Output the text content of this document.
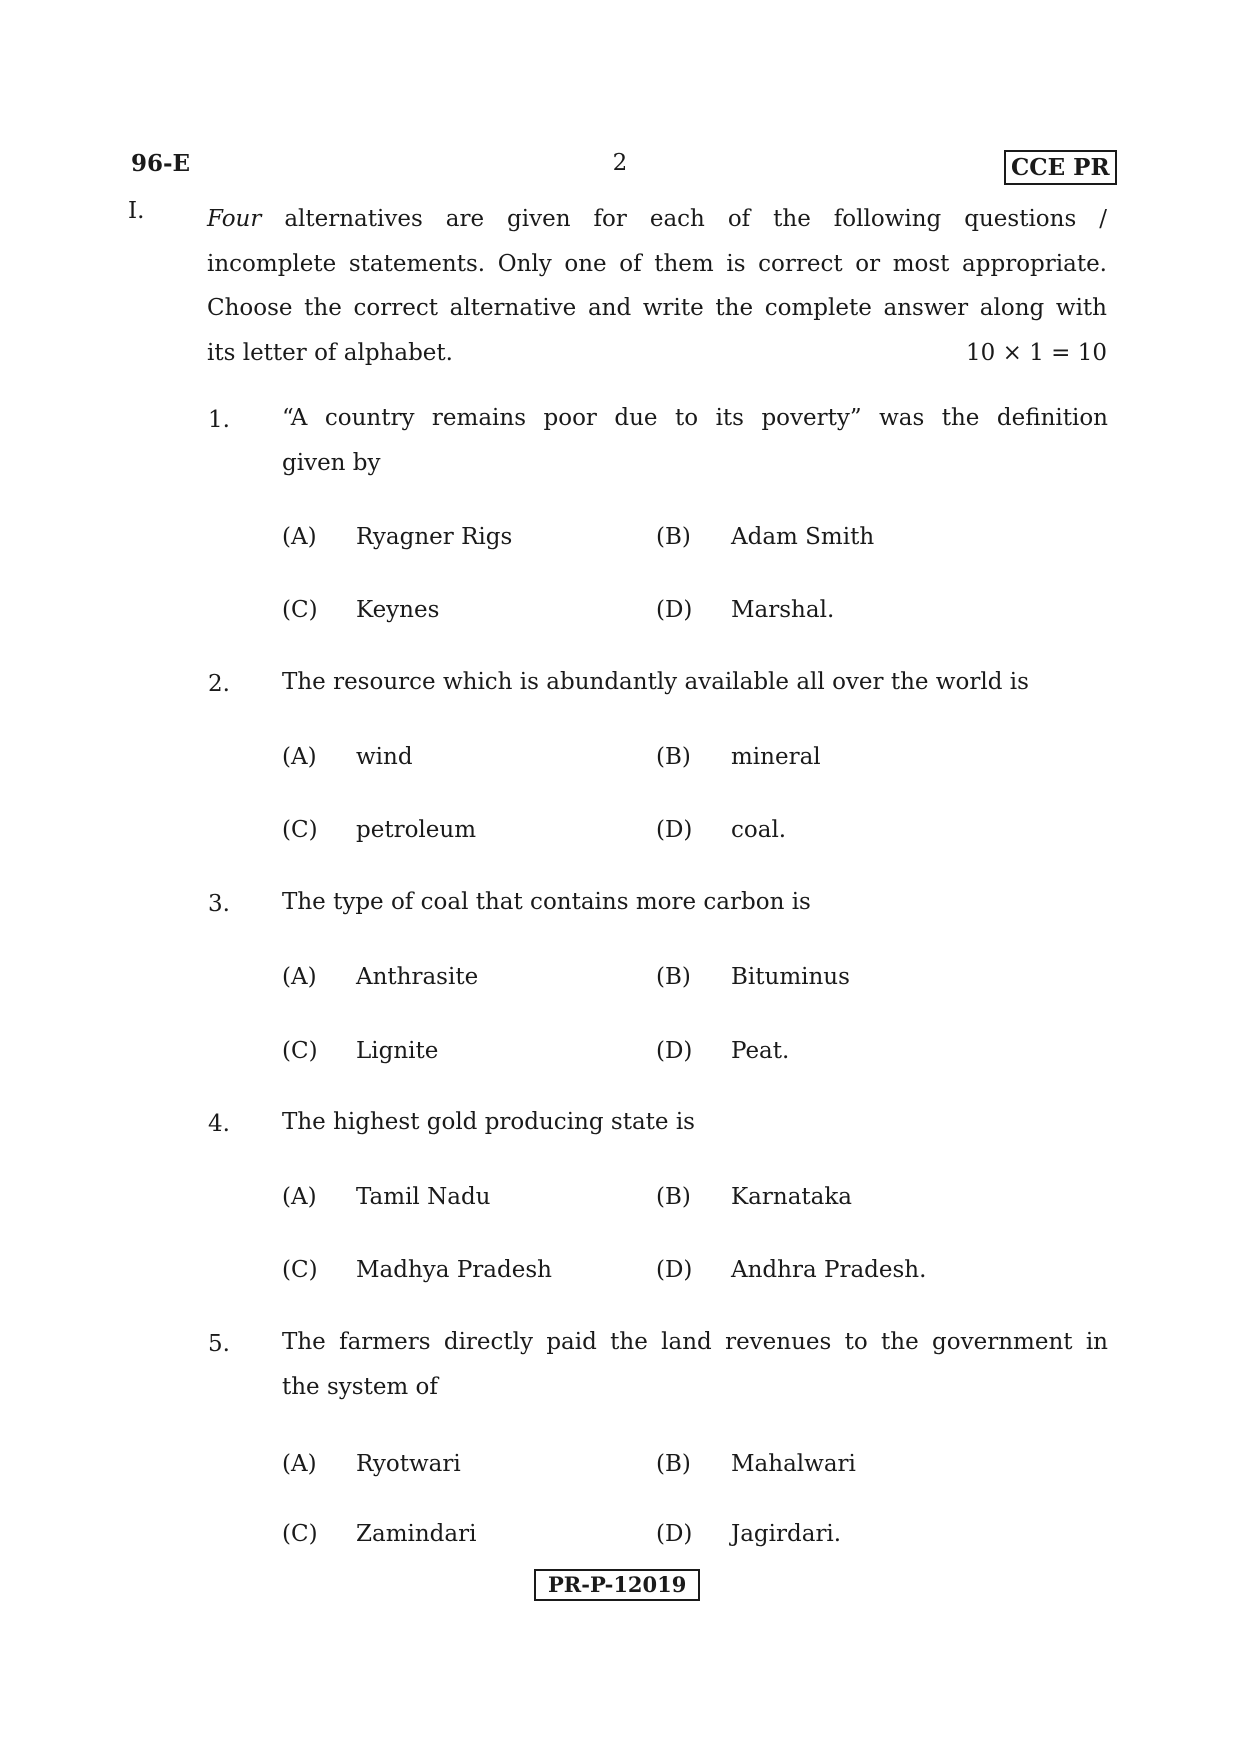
96-E	2	CCE PR
I.	Four alternatives are given for each of the following questions /
incomplete statements. Only one of them is correct or most appropriate.
Choose the correct alternative and write the complete answer along with
its letter of alphabet.	10 × 1 = 10
1. “A country remains poor due to its poverty” was the definition
given by
(A) Ryagner Rigs	(B) Adam Smith
(C) Keynes	(D) Marshal.
2. The resource which is abundantly available all over the world is
(A) wind	(B) mineral
(C) petroleum	(D) coal.
3. The type of coal that contains more carbon is
(A) Anthrasite	(B) Bituminus
(C) Lignite	(D) Peat.
4. The highest gold producing state is
(A) Tamil Nadu	(B) Karnataka
(C) Madhya Pradesh	(D) Andhra Pradesh.
5. The farmers directly paid the land revenues to the government in
the system of
(A) Ryotwari	(B) Mahalwari
(C) Zamindari	(D) Jagirdari.
PR-P-12019
